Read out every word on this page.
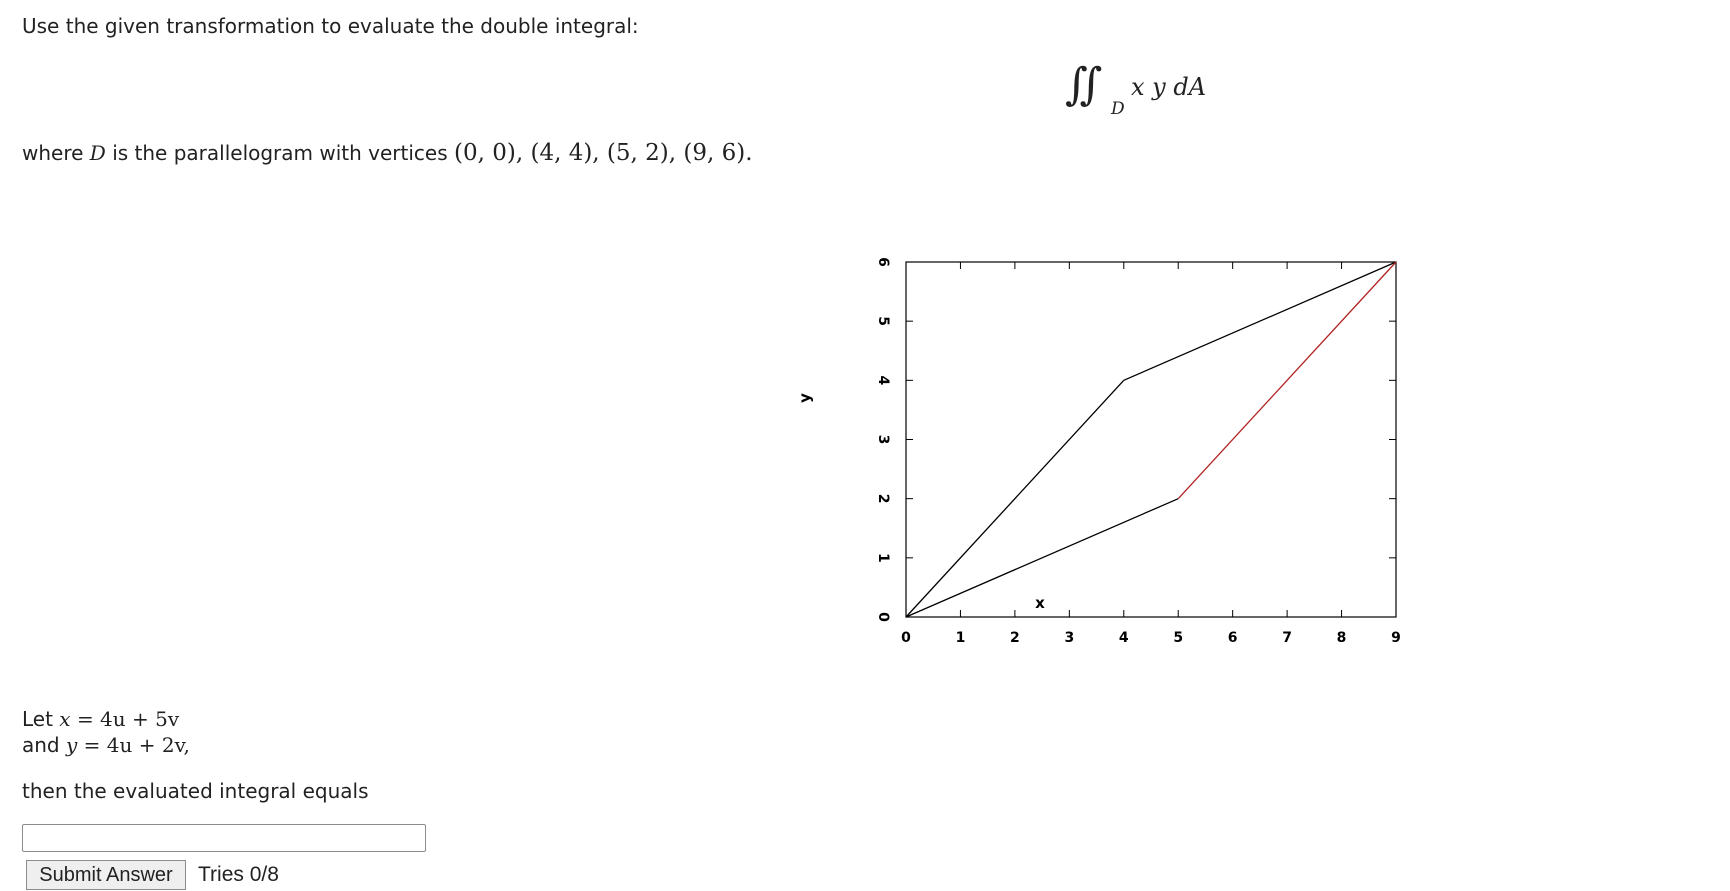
Use the given transformation to evaluate the double integral:
∬ D
x y dA
where D is the parallelogram with vertices (0, 0), (4, 4), (5, 2), (9, 6).
y
x
0	1	2	3	4	5	6	7	8	9
0
1
2
3
4
5
6
Let x = 4u + 5v
and y = 4u + 2v,
then the evaluated integral equals
Submit Answer	Tries 0/8
